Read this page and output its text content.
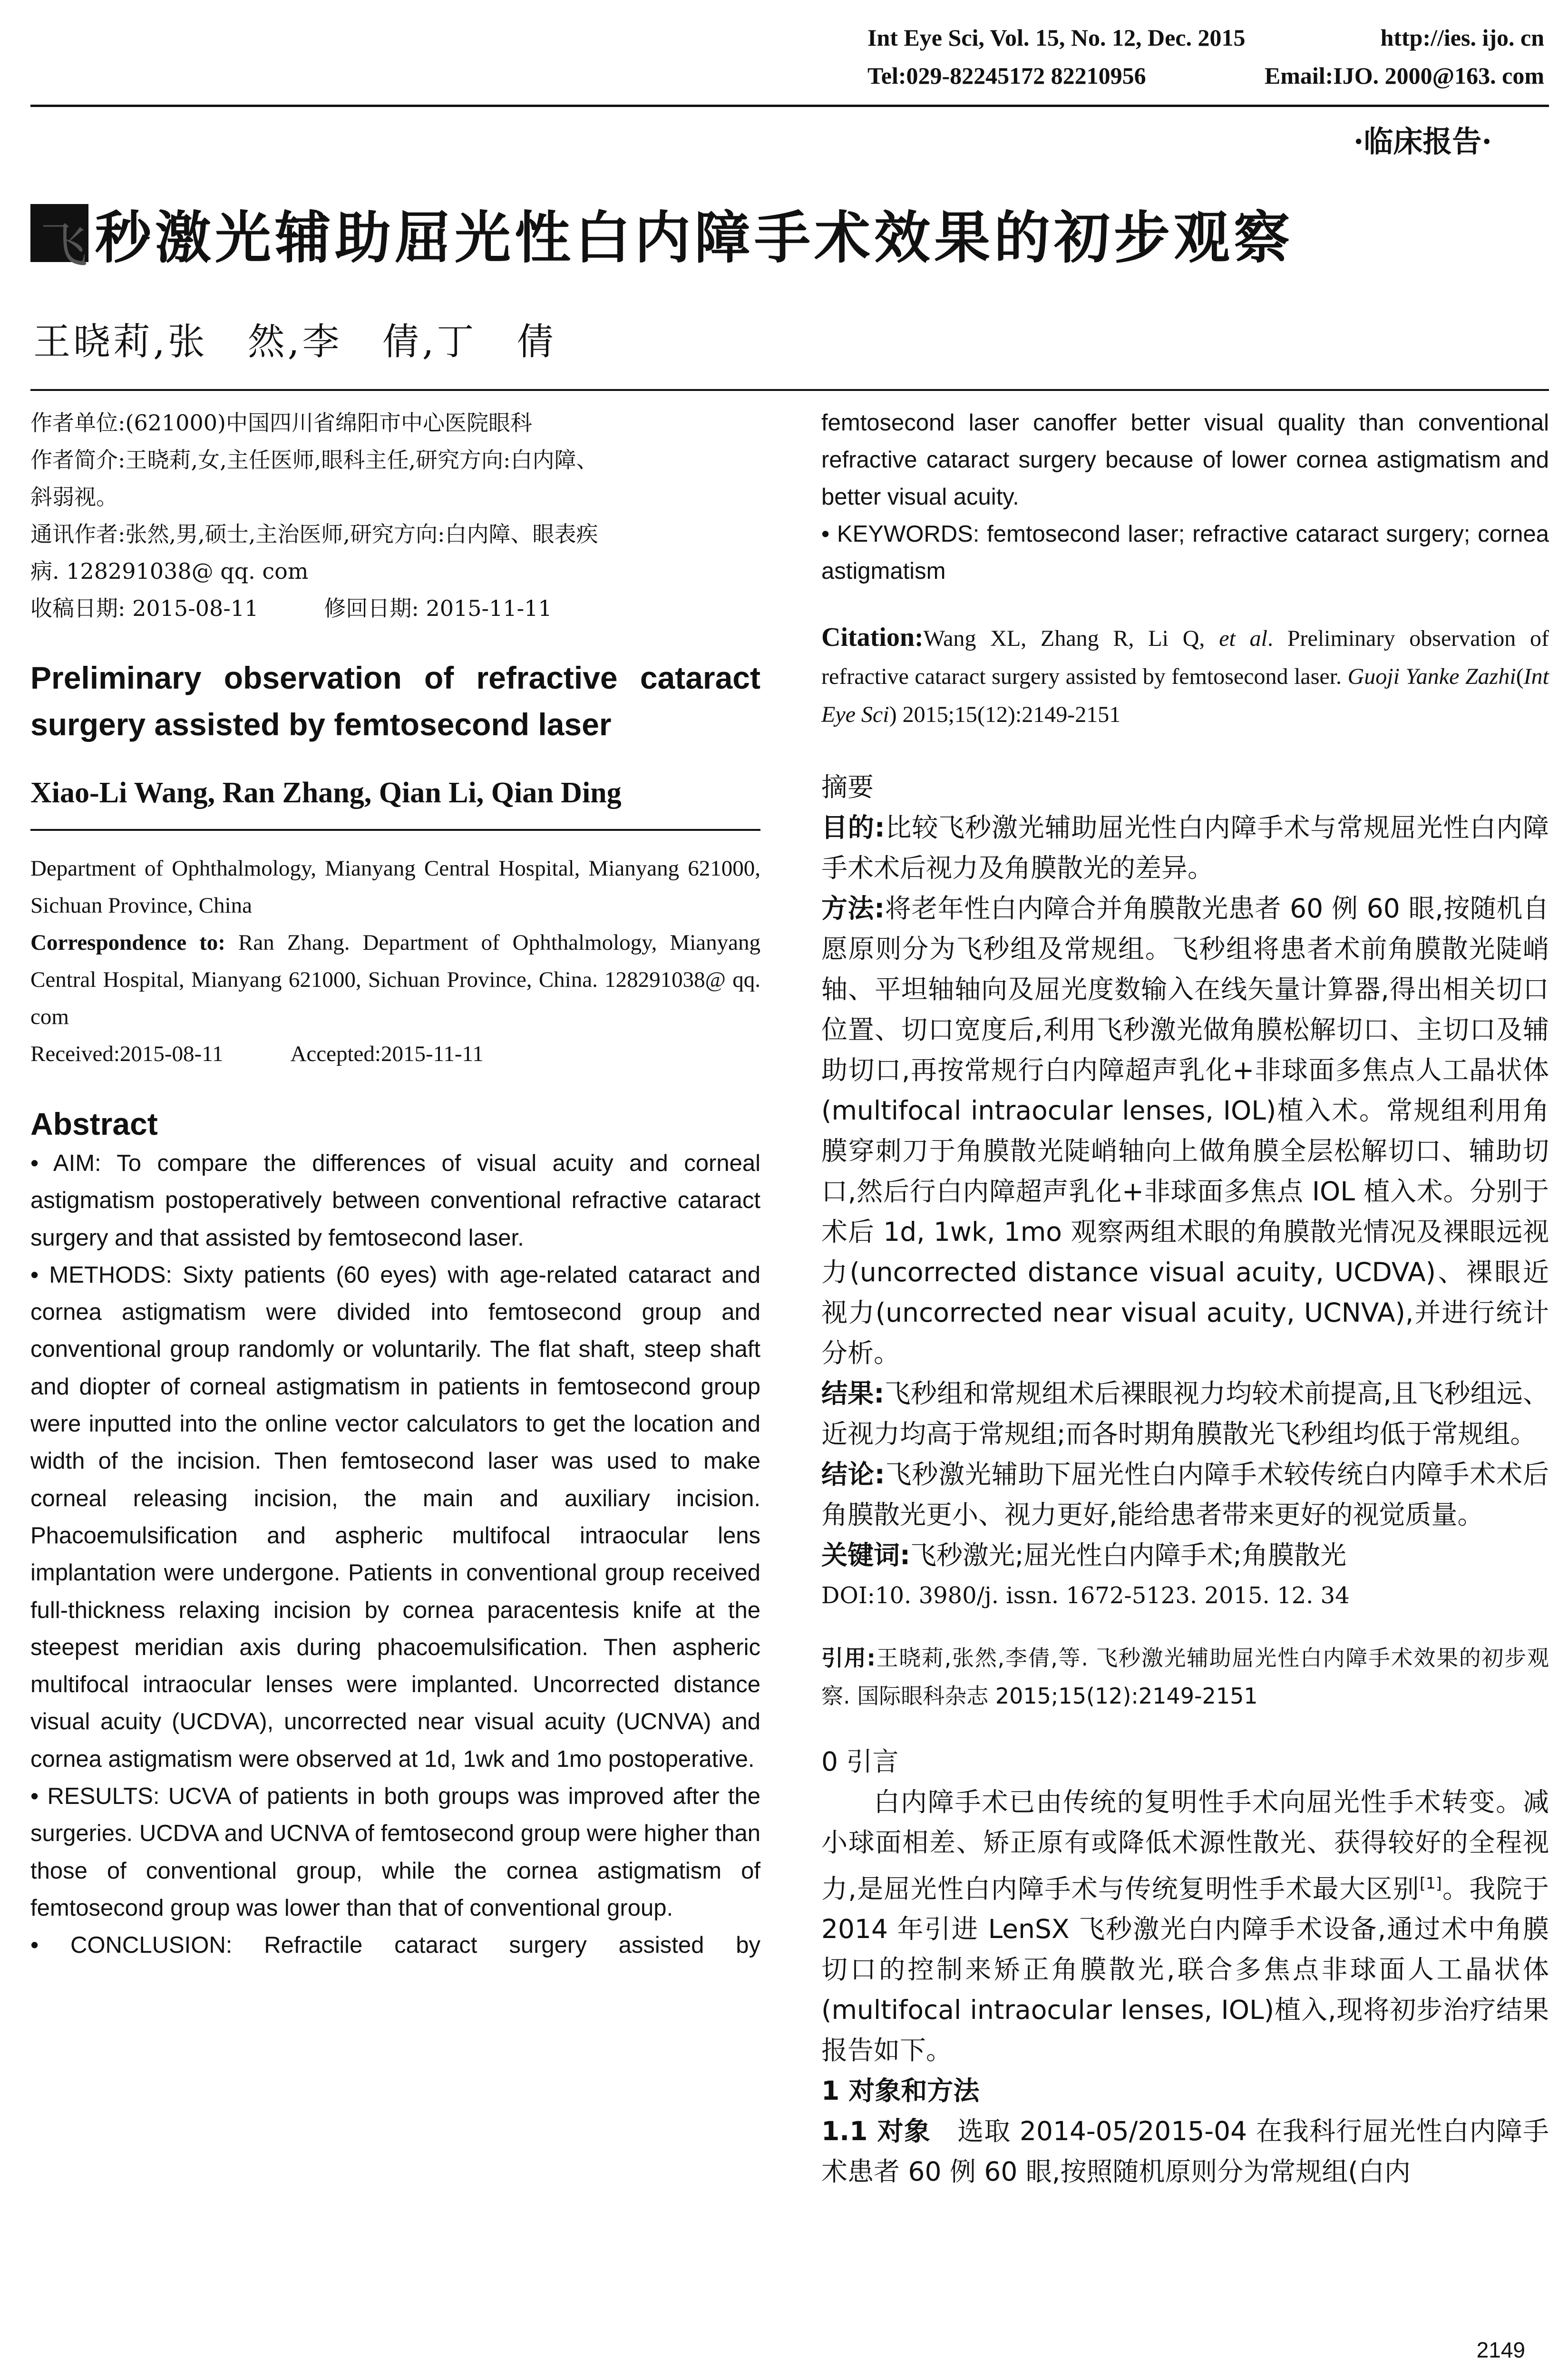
Int Eye Sci, Vol. 15, No. 12, Dec. 2015	http://ies. ijo. cn
Tel:029-82245172 82210956	Email:IJO. 2000@163. com
·临床报告·
飞
秒激光辅助屈光性白内障手术效果的初步观察
王晓莉,张　然,李　倩,丁　倩
作者单位:(621000)中国四川省绵阳市中心医院眼科
作者简介:王晓莉,女,主任医师,眼科主任,研究方向:白内障、
斜弱视。
通讯作者:张然,男,硕士,主治医师,研究方向:白内障、眼表疾
病. 128291038@ qq. com
收稿日期: 2015-08-11　　　修回日期: 2015-11-11
Preliminary observation of refractive cataract surgery assisted by femtosecond laser
Xiao-Li Wang, Ran Zhang, Qian Li, Qian Ding
Department of Ophthalmology, Mianyang Central Hospital, Mianyang 621000, Sichuan Province, China
Correspondence to: Ran Zhang. Department of Ophthalmology, Mianyang Central Hospital, Mianyang 621000, Sichuan Province, China. 128291038@ qq. com
Received:2015-08-11　　　Accepted:2015-11-11
Abstract

• AIM: To compare the differences of visual acuity and corneal astigmatism postoperatively between conventional refractive cataract surgery and that assisted by femtosecond laser.

• METHODS: Sixty patients (60 eyes) with age-related cataract and cornea astigmatism were divided into femtosecond group and conventional group randomly or voluntarily. The flat shaft, steep shaft and diopter of corneal astigmatism in patients in femtosecond group were inputted into the online vector calculators to get the location and width of the incision. Then femtosecond laser was used to make corneal releasing incision, the main and auxiliary incision. Phacoemulsification and aspheric multifocal intraocular lens implantation were undergone. Patients in conventional group received full-thickness relaxing incision by cornea paracentesis knife at the steepest meridian axis during phacoemulsification. Then aspheric multifocal intraocular lenses were implanted. Uncorrected distance visual acuity (UCDVA), uncorrected near visual acuity (UCNVA) and cornea astigmatism were observed at 1d, 1wk and 1mo postoperative.

• RESULTS: UCVA of patients in both groups was improved after the surgeries. UCDVA and UCNVA of femtosecond group were higher than those of conventional group, while the cornea astigmatism of femtosecond group was lower than that of conventional group.

• CONCLUSION: Refractile cataract surgery assisted by

femtosecond laser canoffer better visual quality than conventional refractive cataract surgery because of lower cornea astigmatism and better visual acuity.

• KEYWORDS: femtosecond laser; refractive cataract surgery; cornea astigmatism

Citation:Wang XL, Zhang R, Li Q, et al. Preliminary observation of refractive cataract surgery assisted by femtosecond laser. Guoji Yanke Zazhi(Int Eye Sci) 2015;15(12):2149-2151

摘要

目的:比较飞秒激光辅助屈光性白内障手术与常规屈光性白内障手术术后视力及角膜散光的差异。

方法:将老年性白内障合并角膜散光患者 60 例 60 眼,按随机自愿原则分为飞秒组及常规组。飞秒组将患者术前角膜散光陡峭轴、平坦轴轴向及屈光度数输入在线矢量计算器,得出相关切口位置、切口宽度后,利用飞秒激光做角膜松解切口、主切口及辅助切口,再按常规行白内障超声乳化+非球面多焦点人工晶状体(multifocal intraocular lenses, IOL)植入术。常规组利用角膜穿刺刀于角膜散光陡峭轴向上做角膜全层松解切口、辅助切口,然后行白内障超声乳化+非球面多焦点 IOL 植入术。分别于术后 1d, 1wk, 1mo 观察两组术眼的角膜散光情况及裸眼远视力(uncorrected distance visual acuity, UCDVA)、裸眼近视力(uncorrected near visual acuity, UCNVA),并进行统计分析。

结果:飞秒组和常规组术后裸眼视力均较术前提高,且飞秒组远、近视力均高于常规组;而各时期角膜散光飞秒组均低于常规组。

结论:飞秒激光辅助下屈光性白内障手术较传统白内障手术术后角膜散光更小、视力更好,能给患者带来更好的视觉质量。

关键词:飞秒激光;屈光性白内障手术;角膜散光

DOI:10. 3980/j. issn. 1672-5123. 2015. 12. 34

引用:王晓莉,张然,李倩,等. 飞秒激光辅助屈光性白内障手术效果的初步观察. 国际眼科杂志 2015;15(12):2149-2151
0 引言
白内障手术已由传统的复明性手术向屈光性手术转变。减小球面相差、矫正原有或降低术源性散光、获得较好的全程视力,是屈光性白内障手术与传统复明性手术最大区别[1]。我院于 2014 年引进 LenSX 飞秒激光白内障手术设备,通过术中角膜切口的控制来矫正角膜散光,联合多焦点非球面人工晶状体(multifocal intraocular lenses, IOL)植入,现将初步治疗结果报告如下。
1 对象和方法
1.1 对象　选取 2014-05/2015-04 在我科行屈光性白内障手术患者 60 例 60 眼,按照随机原则分为常规组(白内
2149
